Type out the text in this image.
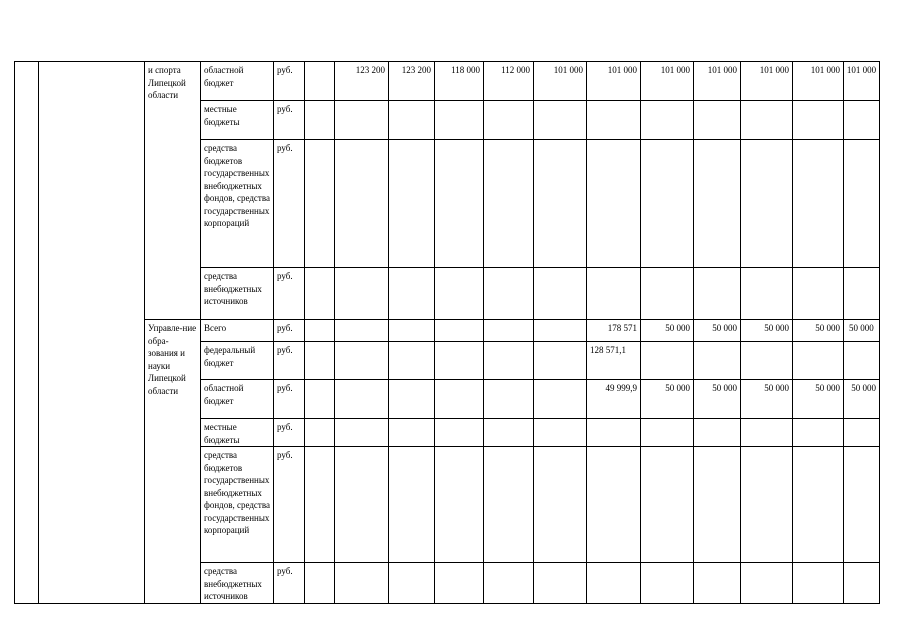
		и спорта Липецкой области	областной бюджет	руб.		123 200	123 200	118 000	112 000	101 000	101 000	101 000	101 000	101 000	101 000	101 000
			местные бюджеты	руб.												
			средства бюджетов государственных внебюджетных фондов, средства государственных корпораций	руб.												
			средства внебюджетных источников	руб.												
		Управле-ние обра-зования и науки Липецкой области	Всего	руб.							178 571	50 000	50 000	50 000	50 000	50 000
			федеральный бюджет	руб.							128 571,1					
			областной бюджет	руб.							49 999,9	50 000	50 000	50 000	50 000	50 000
			местные бюджеты	руб.												
			средства бюджетов государственных внебюджетных фондов, средства государственных корпораций	руб.												
			средства внебюджетных источников	руб.												
